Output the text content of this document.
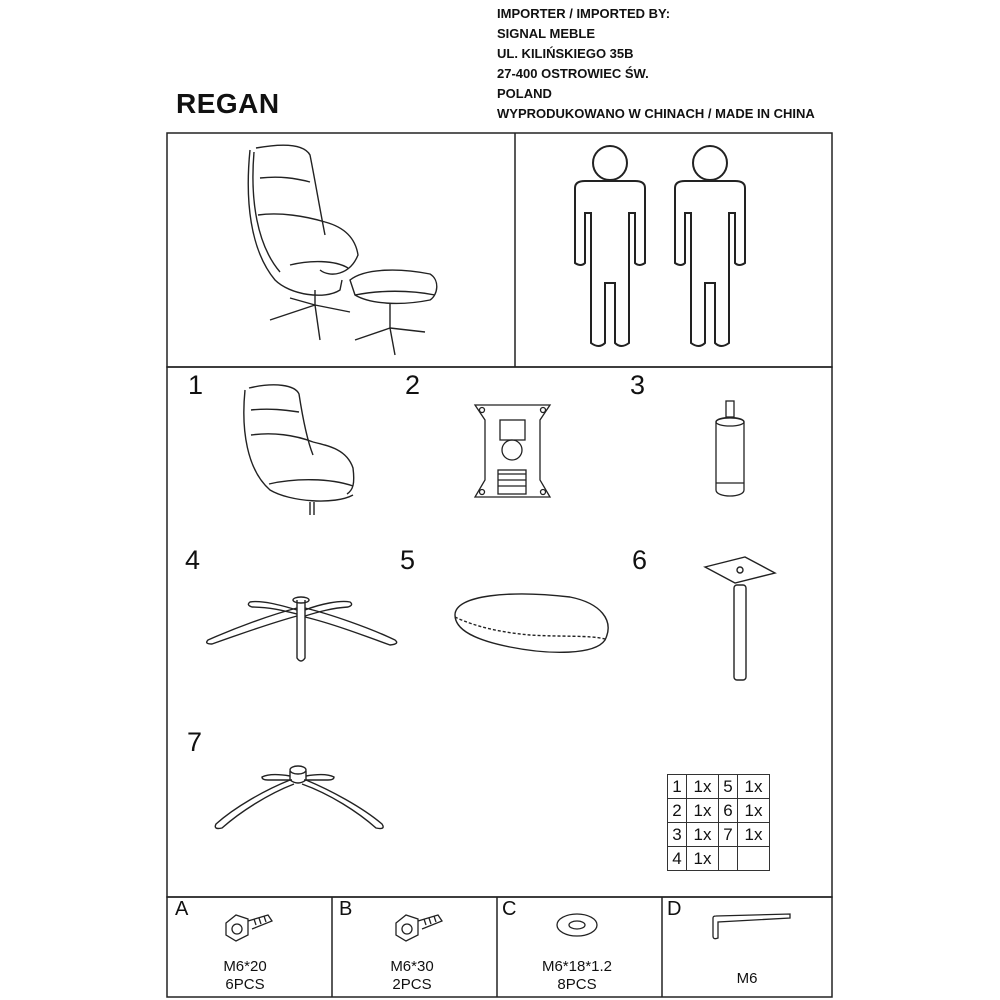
IMPORTER / IMPORTED BY:
SIGNAL MEBLE
UL. KILIŃSKIEGO 35B
27-400 OSTROWIEC ŚW.
POLAND
WYPRODUKOWANO W CHINACH / MADE IN CHINA
REGAN
1	2	3
4	5	6
7
1	1x	5	1x
2	1x	6	1x
3	1x	7	1x
4	1x		
A
M6*20
6PCS
B
M6*30
2PCS
C
M6*18*1.2
8PCS
D
M6
